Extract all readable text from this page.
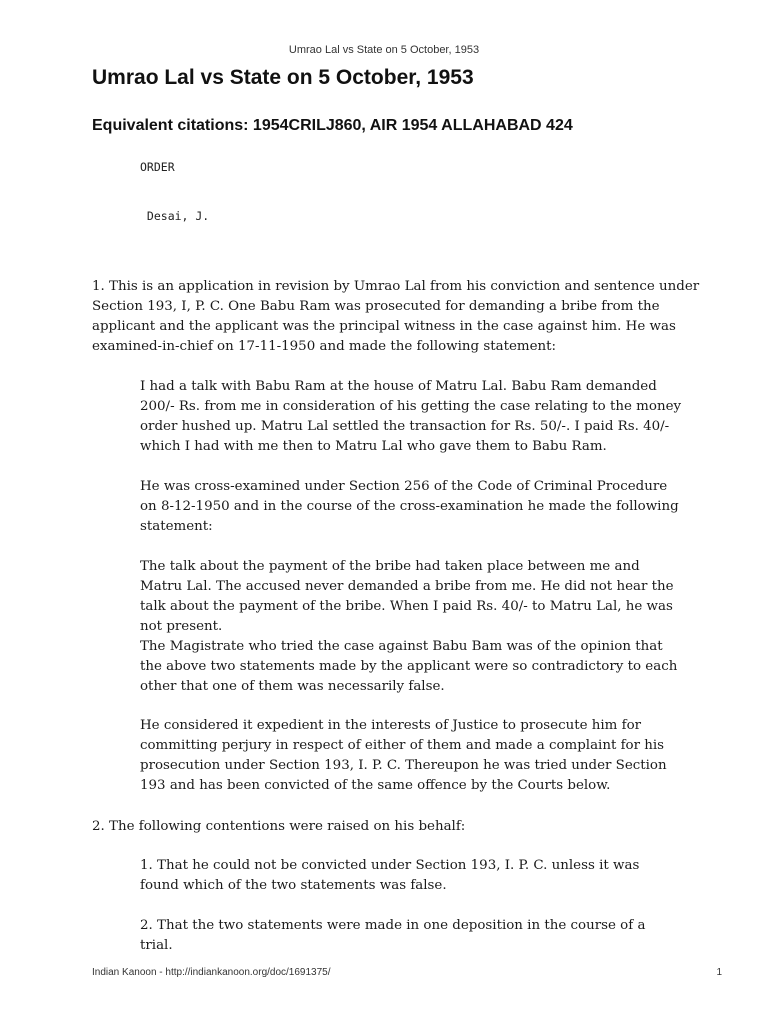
Umrao Lal vs State on 5 October, 1953
Umrao Lal vs State on 5 October, 1953
Equivalent citations: 1954CRILJ860, AIR 1954 ALLAHABAD 424
ORDER
Desai, J.

1. This is an application in revision by Umrao Lal from his conviction and sentence under Section 193, I, P. C. One Babu Ram was prosecuted for demanding a bribe from the applicant and the applicant was the principal witness in the case against him. He was examined-in-chief on 17-11-1950 and made the following statement:

I had a talk with Babu Ram at the house of Matru Lal. Babu Ram demanded 200/- Rs. from me in consideration of his getting the case relating to the money order hushed up. Matru Lal settled the transaction for Rs. 50/-. I paid Rs. 40/- which I had with me then to Matru Lal who gave them to Babu Ram.

He was cross-examined under Section 256 of the Code of Criminal Procedure on 8-12-1950 and in the course of the cross-examination he made the following statement:

The talk about the payment of the bribe had taken place between me and Matru Lal. The accused never demanded a bribe from me. He did not hear the talk about the payment of the bribe. When I paid Rs. 40/- to Matru Lal, he was not present.

The Magistrate who tried the case against Babu Bam was of the opinion that the above two statements made by the applicant were so contradictory to each other that one of them was necessarily false.

He considered it expedient in the interests of Justice to prosecute him for committing perjury in respect of either of them and made a complaint for his prosecution under Section 193, I. P. C. Thereupon he was tried under Section 193 and has been convicted of the same offence by the Courts below.

2. The following contentions were raised on his behalf:

1. That he could not be convicted under Section 193, I. P. C. unless it was found which of the two statements was false.

2. That the two statements were made in one deposition in the course of a trial.

Indian Kanoon - http://indiankanoon.org/doc/1691375/	1
